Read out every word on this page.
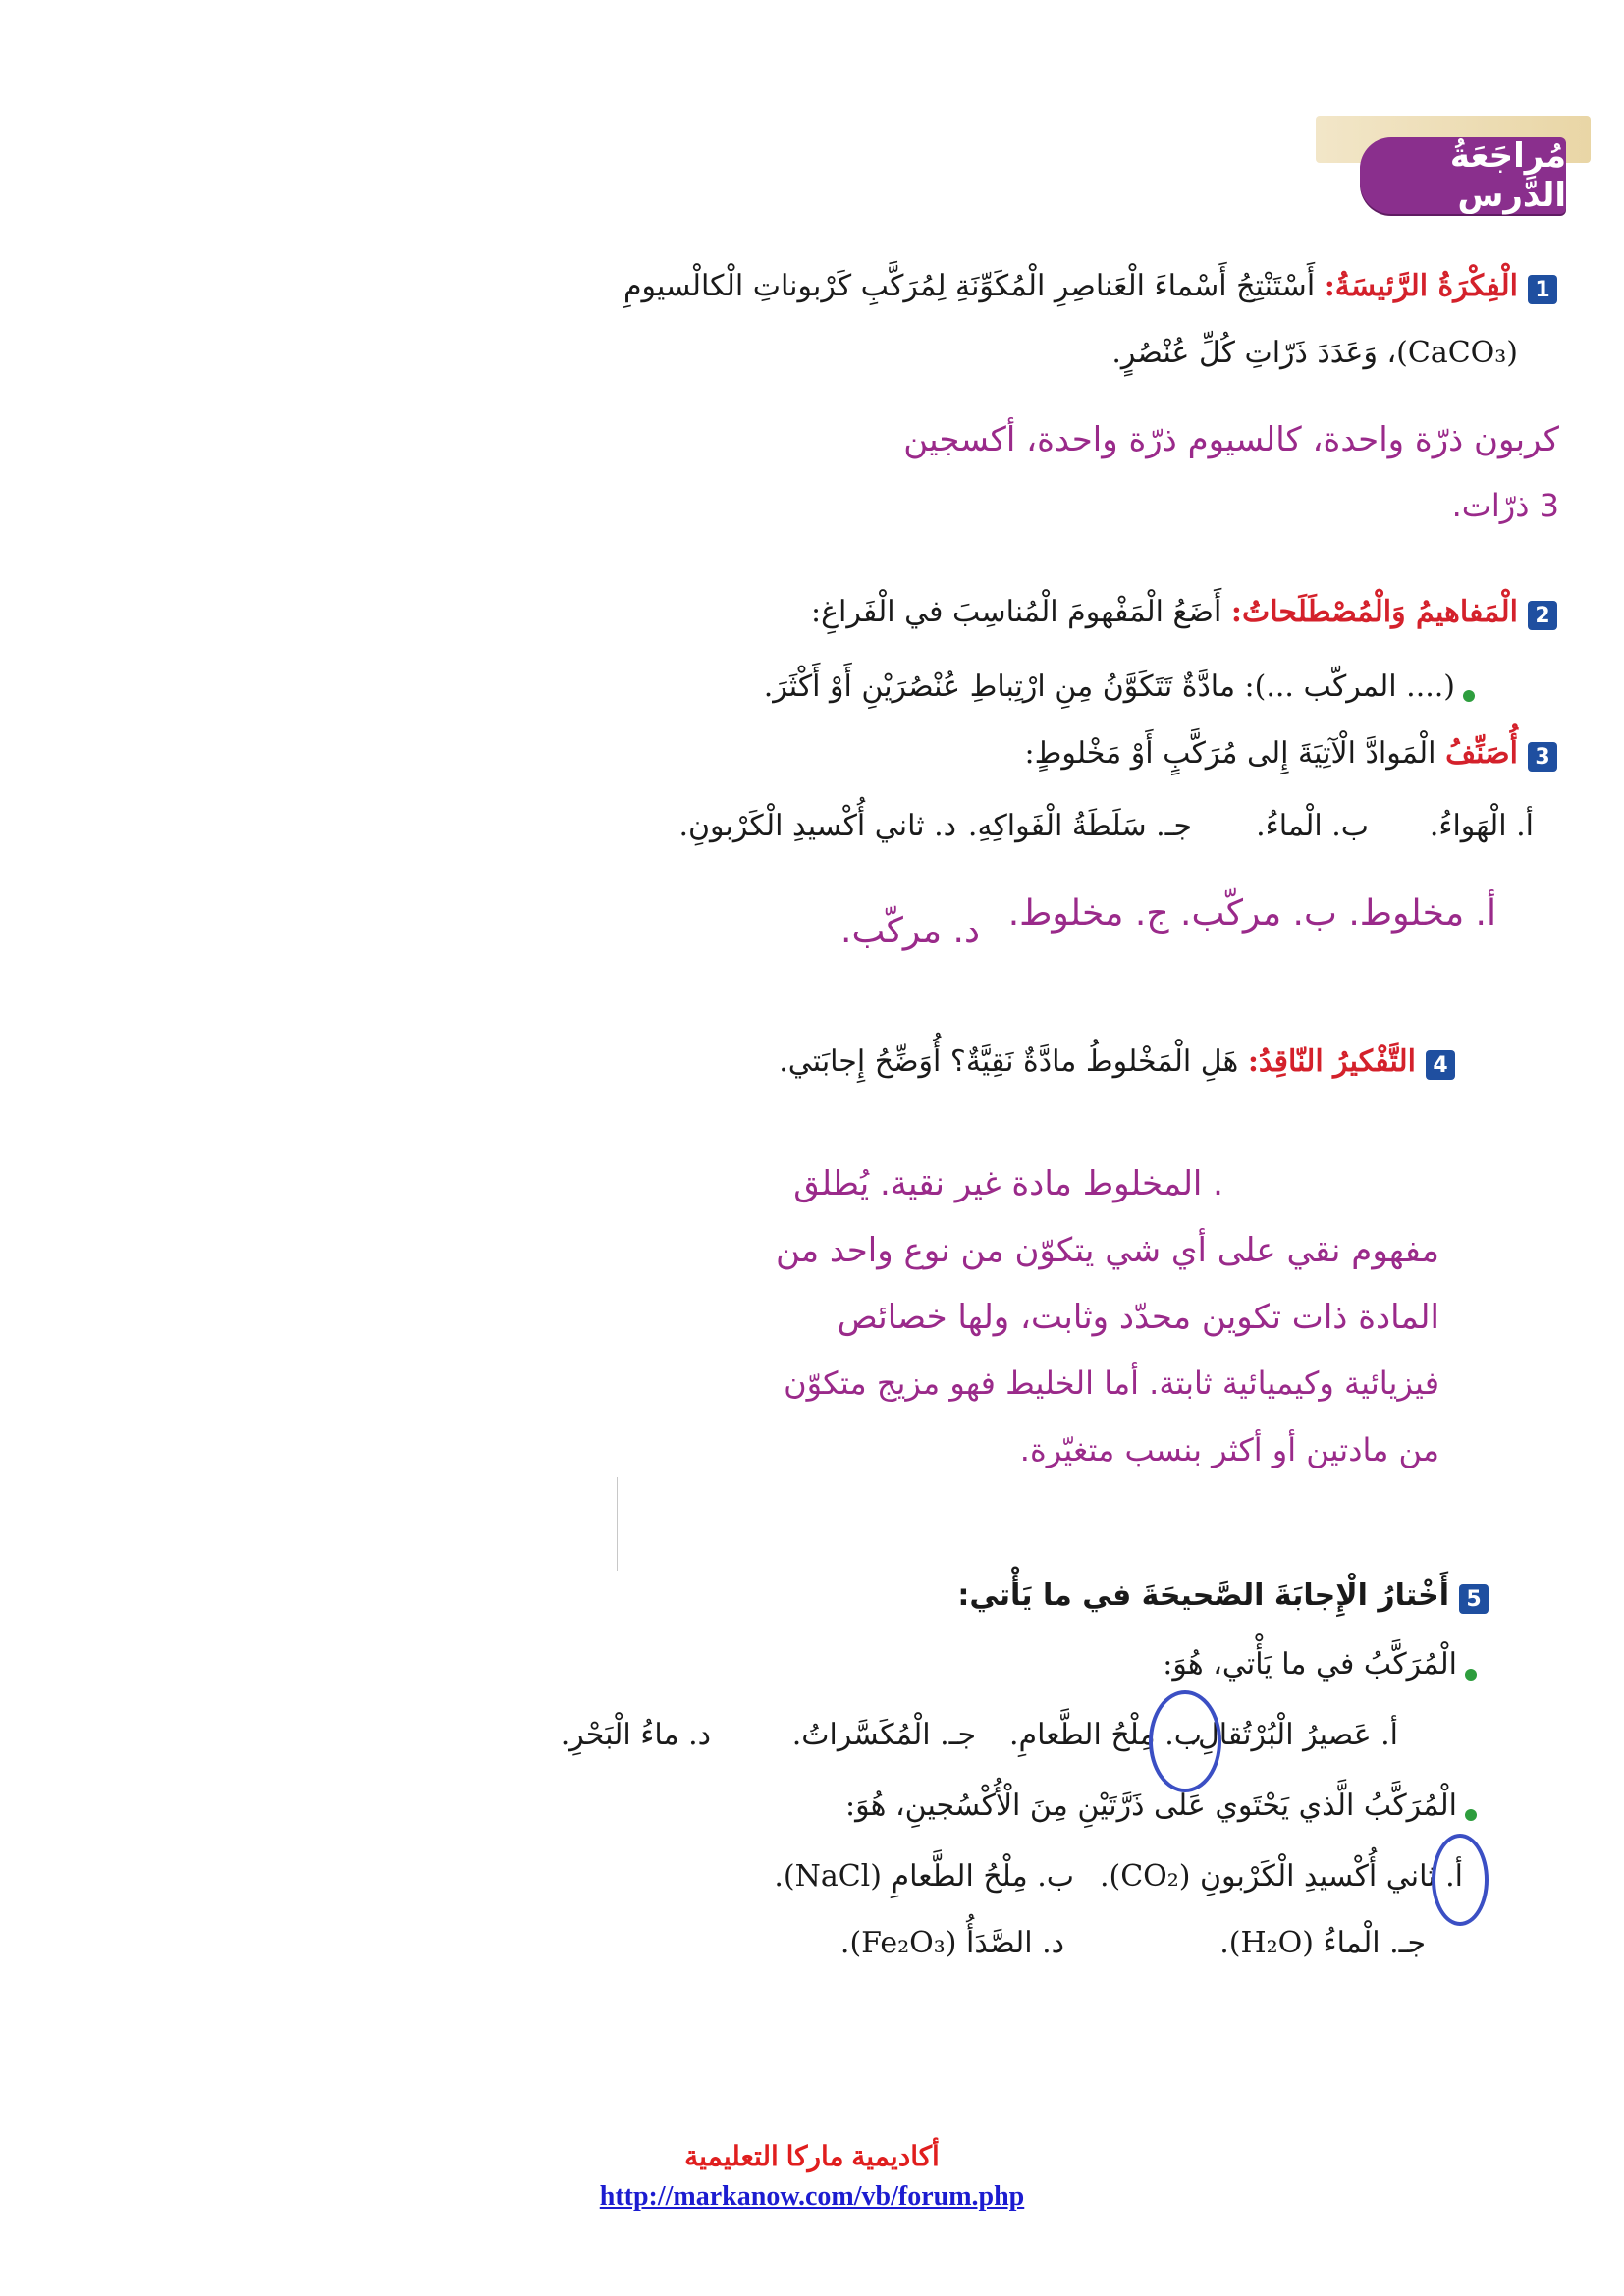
مُراجَعَةُ الدَّرسِ
1
الْفِكْرَةُ الرَّئيسَةُ: أَسْتَنْتِجُ أَسْماءَ الْعَناصِرِ الْمُكَوِّنَةِ لِمُرَكَّبِ كَرْبوناتِ الْكالْسيومِ
(CaCO₃)، وَعَدَدَ ذَرّاتِ كُلِّ عُنْصُرٍ.
كربون ذرّة واحدة، كالسيوم ذرّة واحدة، أكسجين
3 ذرّات.
2
الْمَفاهيمُ وَالْمُصْطَلَحاتُ: أَضَعُ الْمَفْهومَ الْمُناسِبَ في الْفَراغِ:
(.... المركّب ...): مادَّةٌ تَتَكَوَّنُ مِنِ ارْتِباطِ عُنْصُرَيْنِ أَوْ أَكْثَرَ.
3
أُصَنِّفُ الْمَوادَّ الْآتِيَةَ إِلى مُرَكَّبٍ أَوْ مَخْلوطٍ:
أ. الْهَواءُ.
ب. الْماءُ.
جـ. سَلَطَةُ الْفَواكِهِ.
د. ثاني أُكْسيدِ الْكَرْبونِ.
أ. مخلوط. ب. مركّب. ج. مخلوط.
د. مركّب.
4
التَّفْكيرُ النّاقِدُ: هَلِ الْمَخْلوطُ مادَّةٌ نَقِيَّةٌ؟ أُوَضِّحُ إِجابَتي.
. المخلوط مادة غير نقية. يُطلق
مفهوم نقي على أي شي يتكوّن من نوع واحد من
المادة ذات تكوين محدّد وثابت، ولها خصائص
فيزيائية وكيميائية ثابتة. أما الخليط فهو مزيج متكوّن
من مادتين أو أكثر بنسب متغيّرة.
5
أَخْتارُ الْإِجابَةَ الصَّحيحَةَ في ما يَأْتي:
الْمُرَكَّبُ في ما يَأْتي، هُوَ:
أ. عَصيرُ الْبُرْتُقالِ.
ب. مِلْحُ الطَّعامِ.
جـ. الْمُكَسَّراتُ.
د. ماءُ الْبَحْرِ.
الْمُرَكَّبُ الَّذي يَحْتَوي عَلى ذَرَّتَيْنِ مِنَ الْأُكْسُجينِ، هُوَ:
أ. ثاني أُكْسيدِ الْكَرْبونِ (CO₂).
ب. مِلْحُ الطَّعامِ (NaCl).
جـ. الْماءُ (H₂O).
د. الصَّدَأُ (Fe₂O₃).
أكاديمية ماركا التعليمية
http://markanow.com/vb/forum.php
